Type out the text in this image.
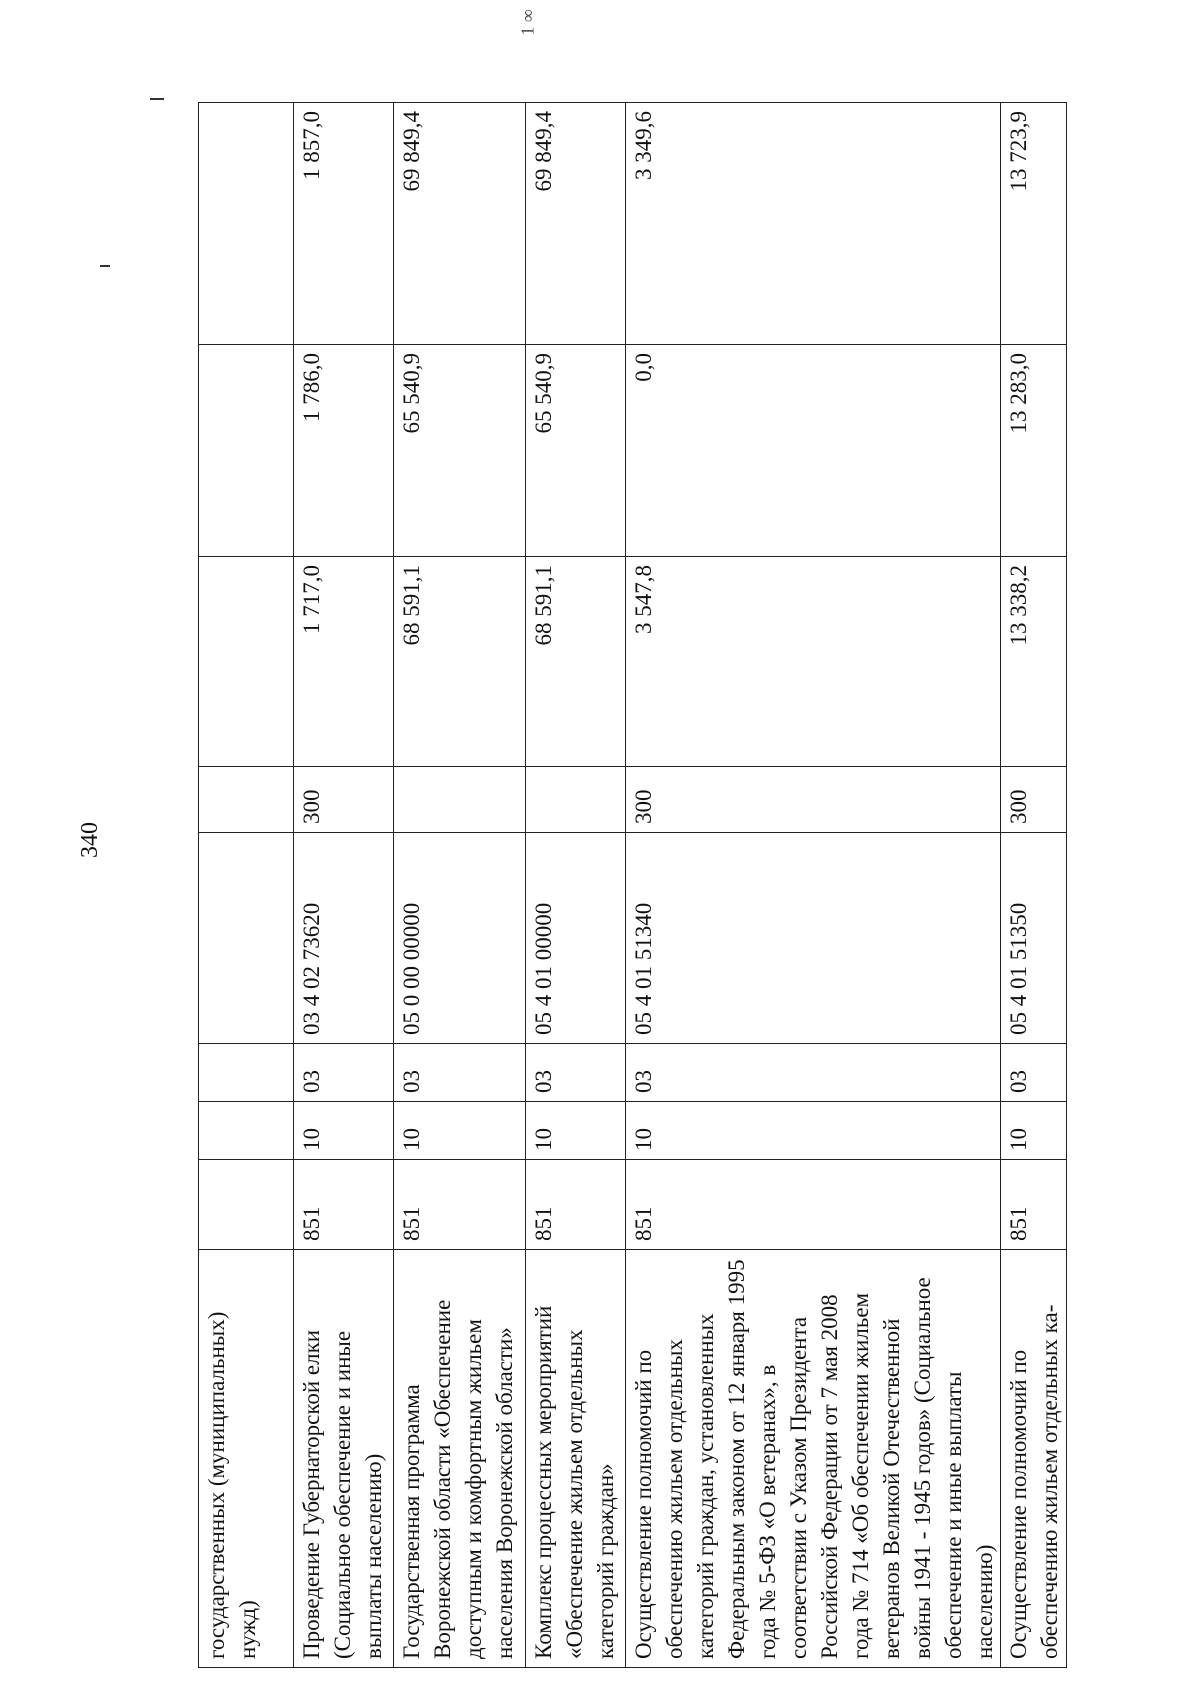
340
1 ∞
государственных (муниципальных) нужд)								
Проведение Губернаторской елки (Социальное обеспечение и иные выплаты населению)	851	10	03	03 4 02 73620	300	1 717,0	1 786,0	1 857,0
Государственная программа Воронежской области «Обеспечение доступным и комфортным жильем населения Воронежской области»	851	10	03	05 0 00 00000		68 591,1	65 540,9	69 849,4
Комплекс процессных мероприятий «Обеспечение жильем отдельных категорий граждан»	851	10	03	05 4 01 00000		68 591,1	65 540,9	69 849,4
Осуществление полномочий по обеспечению жильем отдельных категорий граждан, установленных Федеральным законом от 12 января 1995 года № 5-ФЗ «О ветеранах», в соответствии с Указом Президента Российской Федерации от 7 мая 2008 года № 714 «Об обеспечении жильем ветеранов Великой Отечественной войны 1941 - 1945 годов» (Социальное обеспечение и иные выплаты населению)	851	10	03	05 4 01 51340	300	3 547,8	0,0	3 349,6
Осуществление полномочий по обеспечению жильем отдельных ка-	851	10	03	05 4 01 51350	300	13 338,2	13 283,0	13 723,9
